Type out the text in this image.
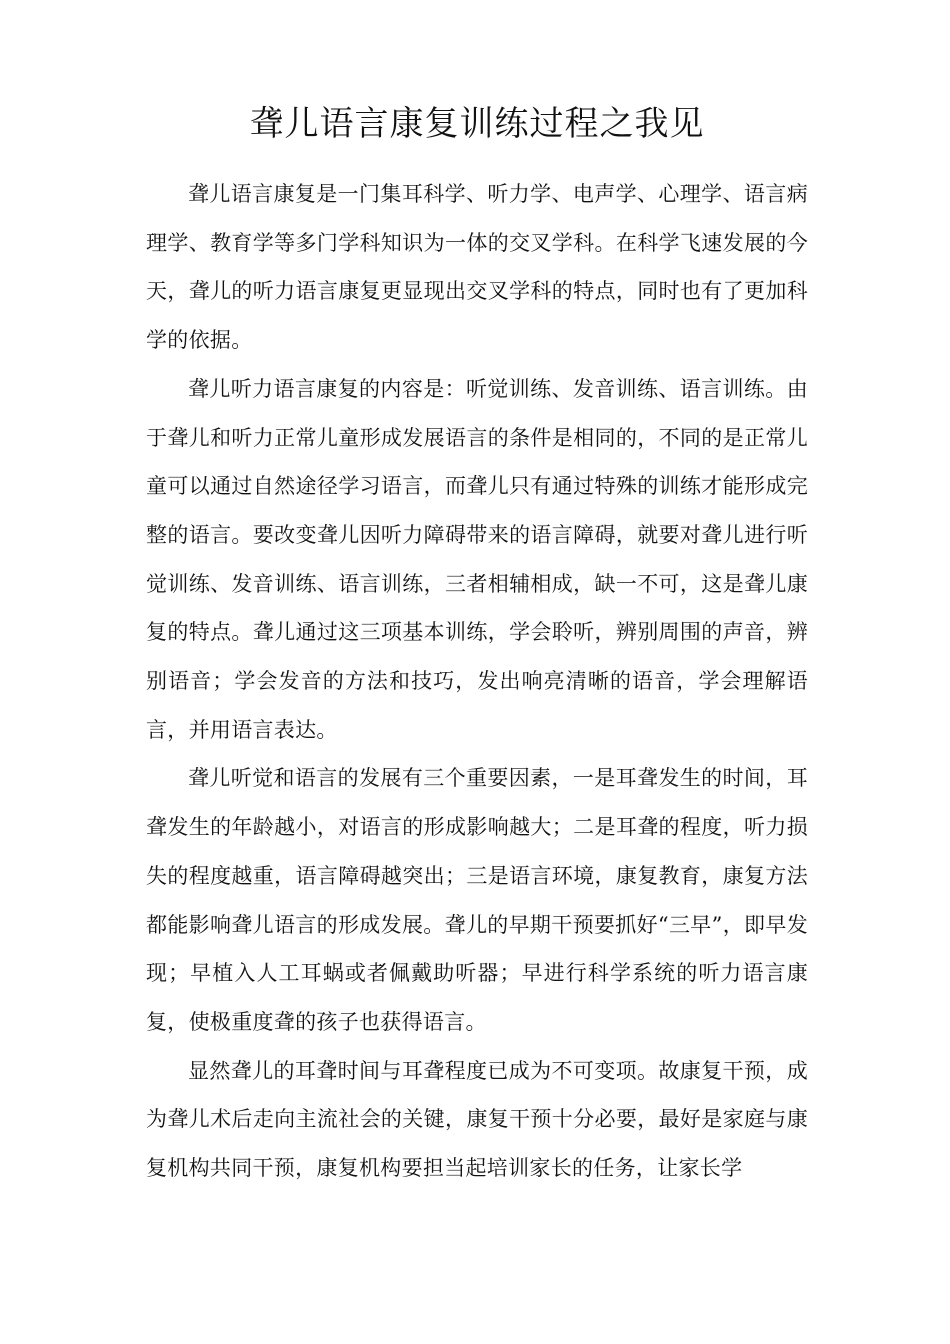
聋儿语言康复训练过程之我见

聋儿语言康复是一门集耳科学、听力学、电声学、心理学、语言病理学、教育学等多门学科知识为一体的交叉学科。在科学飞速发展的今天，聋儿的听力语言康复更显现出交叉学科的特点，同时也有了更加科学的依据。

聋儿听力语言康复的内容是：听觉训练、发音训练、语言训练。由于聋儿和听力正常儿童形成发展语言的条件是相同的，不同的是正常儿童可以通过自然途径学习语言，而聋儿只有通过特殊的训练才能形成完整的语言。要改变聋儿因听力障碍带来的语言障碍，就要对聋儿进行听觉训练、发音训练、语言训练，三者相辅相成，缺一不可，这是聋儿康复的特点。聋儿通过这三项基本训练，学会聆听，辨别周围的声音，辨别语音；学会发音的方法和技巧，发出响亮清晰的语音，学会理解语言，并用语言表达。

聋儿听觉和语言的发展有三个重要因素，一是耳聋发生的时间，耳聋发生的年龄越小，对语言的形成影响越大；二是耳聋的程度，听力损失的程度越重，语言障碍越突出；三是语言环境，康复教育，康复方法都能影响聋儿语言的形成发展。聋儿的早期干预要抓好“三早”，即早发现；早植入人工耳蜗或者佩戴助听器；早进行科学系统的听力语言康复，使极重度聋的孩子也获得语言。

显然聋儿的耳聋时间与耳聋程度已成为不可变项。故康复干预，成为聋儿术后走向主流社会的关键，康复干预十分必要，最好是家庭与康复机构共同干预，康复机构要担当起培训家长的任务，让家长学
